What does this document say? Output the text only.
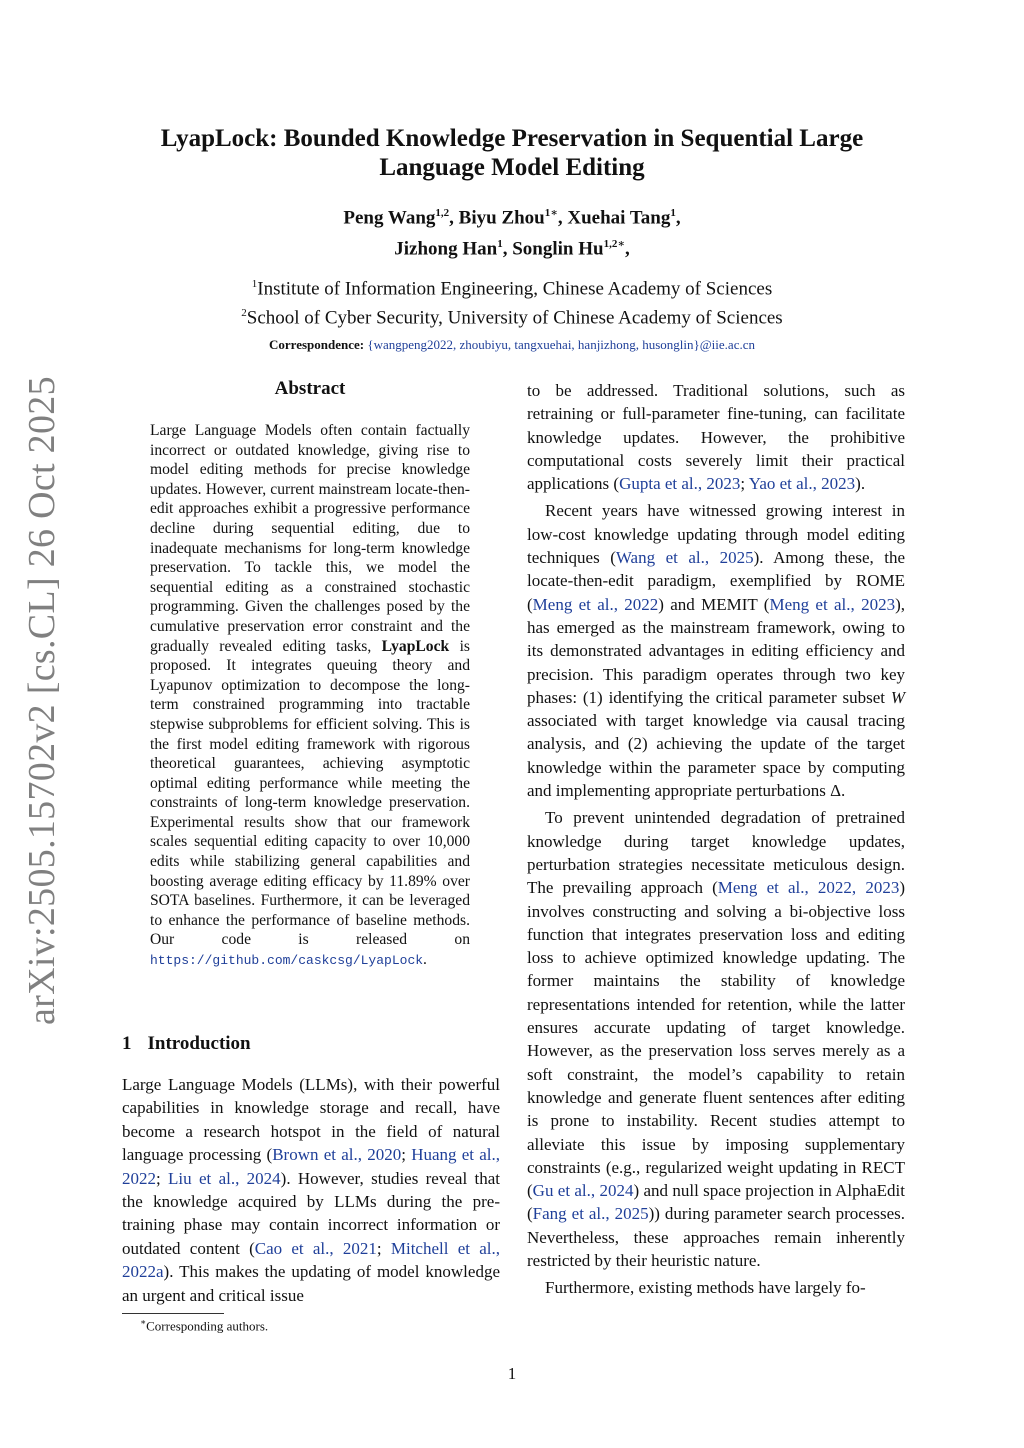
arXiv:2505.15702v2 [cs.CL] 26 Oct 2025
LyapLock: Bounded Knowledge Preservation in Sequential Large Language Model Editing
Peng Wang$^{1,2}$, Biyu Zhou$^{1∗}$, Xuehai Tang$^1$,
Jizhong Han$^1$, Songlin $Hu^{1,2∗}$,
$^1$Institute of Information Engineering, Chinese Academy of Sciences
$^2$School of Cyber Security, University of Chinese Academy of Sciences
Correspondence: {wangpeng2022, zhoubiyu, tangxuehai, hanjizhong, husonglin}@iie.ac.cn
Abstract

Large Language Models often contain factually incorrect or outdated knowledge, giving rise to model editing methods for precise knowledge updates. However, current mainstream locate-then-edit approaches exhibit a progressive performance decline during sequential editing, due to inadequate mechanisms for long-term knowledge preservation. To tackle this, we model the sequential editing as a constrained stochastic programming. Given the challenges posed by the cumulative preservation error constraint and the gradually revealed editing tasks, LyapLock is proposed. It integrates queuing theory and Lyapunov optimization to decompose the long-term constrained programming into tractable stepwise subproblems for efficient solving. This is the first model editing framework with rigorous theoretical guarantees, achieving asymptotic optimal editing performance while meeting the constraints of long-term knowledge preservation. Experimental results show that our framework scales sequential editing capacity to over 10,000 edits while stabilizing general capabilities and boosting average editing efficacy by 11.89% over SOTA baselines. Furthermore, it can be leveraged to enhance the performance of baseline methods. Our code is released on https://github.com/caskcsg/LyapLock.

1 Introduction

Large Language Models (LLMs), with their powerful capabilities in knowledge storage and recall, have become a research hotspot in the field of natural language processing (Brown et al., 2020; Huang et al., 2022; Liu et al., 2024). However, studies reveal that the knowledge acquired by LLMs during the pre-training phase may contain incorrect information or outdated content (Cao et al., 2021; Mitchell et al., 2022a). This makes the updating of model knowledge an urgent and critical issue

to be addressed. Traditional solutions, such as retraining or full-parameter fine-tuning, can facilitate knowledge updates. However, the prohibitive computational costs severely limit their practical applications (Gupta et al., 2023; Yao et al., 2023).

Recent years have witnessed growing interest in low-cost knowledge updating through model editing techniques (Wang et al., 2025). Among these, the locate-then-edit paradigm, exemplified by ROME (Meng et al., 2022) and MEMIT (Meng et al., 2023), has emerged as the mainstream framework, owing to its demonstrated advantages in editing efficiency and precision. This paradigm operates through two key phases: (1) identifying the critical parameter subset W associated with target knowledge via causal tracing analysis, and (2) achieving the update of the target knowledge within the parameter space by computing and implementing appropriate perturbations Δ.

To prevent unintended degradation of pretrained knowledge during target knowledge updates, perturbation strategies necessitate meticulous design. The prevailing approach (Meng et al., 2022, 2023) involves constructing and solving a bi-objective loss function that integrates preservation loss and editing loss to achieve optimized knowledge updating. The former maintains the stability of knowledge representations intended for retention, while the latter ensures accurate updating of target knowledge. However, as the preservation loss serves merely as a soft constraint, the model’s capability to retain knowledge and generate fluent sentences after editing is prone to instability. Recent studies attempt to alleviate this issue by imposing supplementary constraints (e.g., regularized weight updating in RECT (Gu et al., 2024) and null space projection in AlphaEdit (Fang et al., 2025)) during parameter search processes. Nevertheless, these approaches remain inherently restricted by their heuristic nature.

Furthermore, existing methods have largely fo-

∗Corresponding authors.
1
